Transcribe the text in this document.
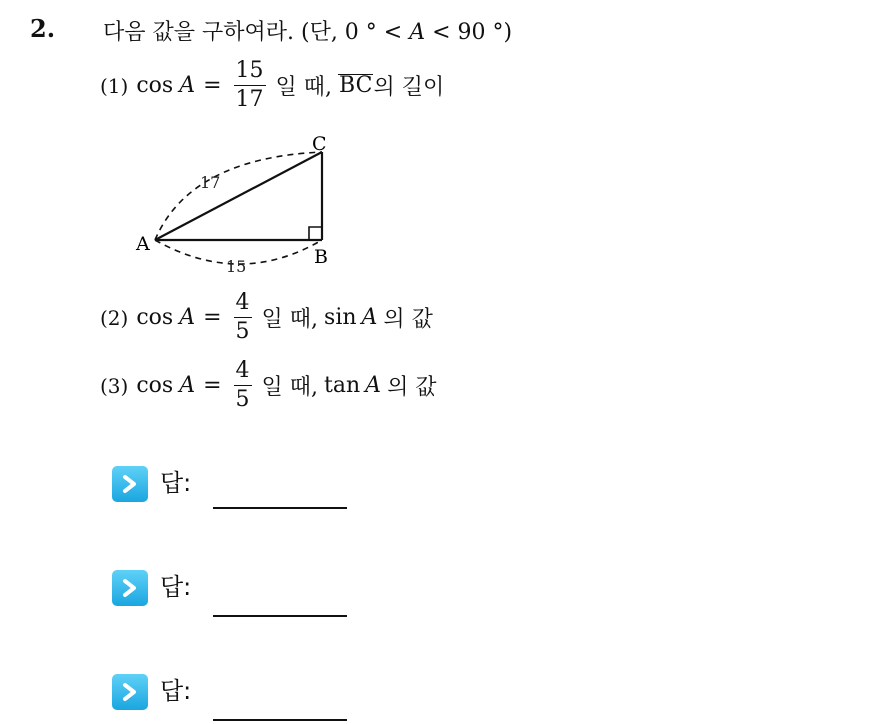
2. 다음 값을 구하여라. (단, 0 ° < A < 90 °)
(1) $\cos A = \frac{15}{17}$ 일 때, BC 의 길이
A
B
C
17
15
(2) $\cos A = \frac{4}{5}$ 일 때, sin A 의 값
(3) $\cos A = \frac{4}{5}$ 일 때, tan A 의 값
답:
답:
답:
